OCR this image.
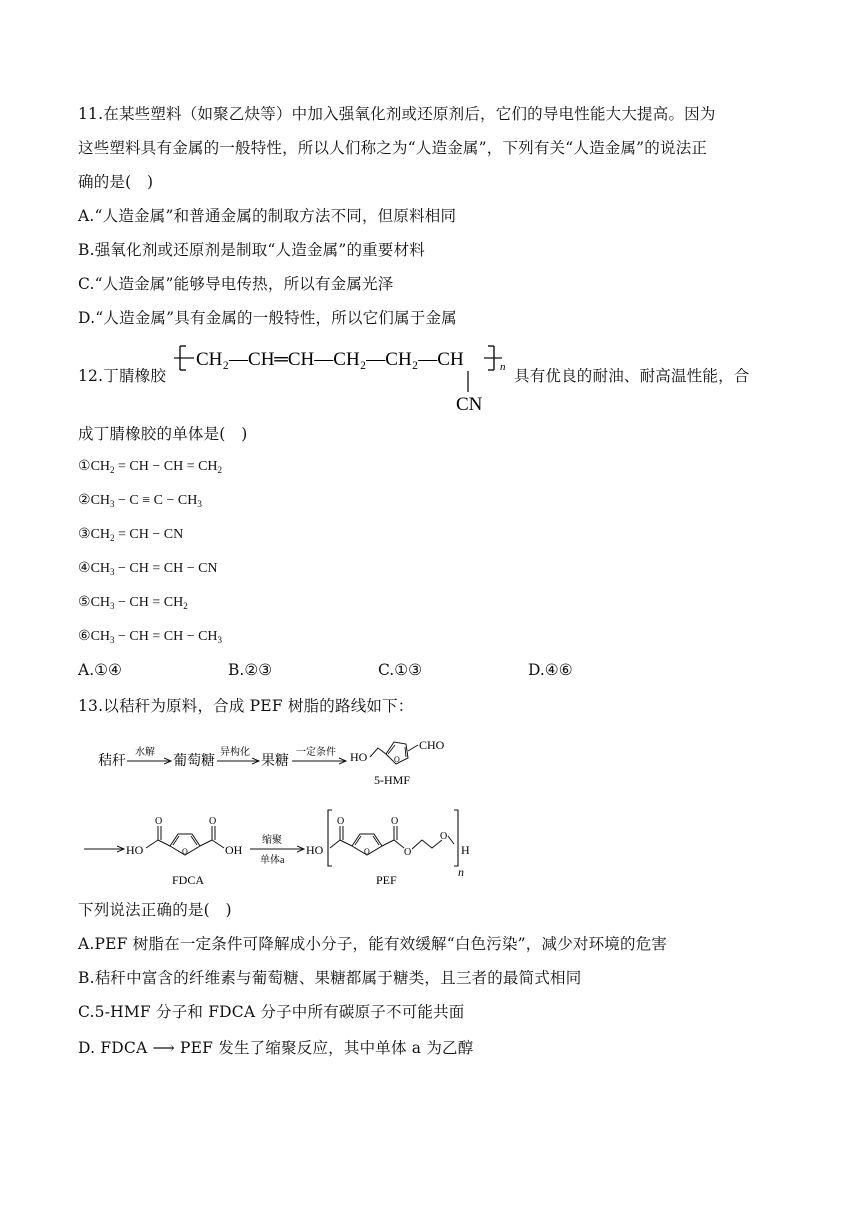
11.在某些塑料（如聚乙炔等）中加入强氧化剂或还原剂后，它们的导电性能大大提高。因为
这些塑料具有金属的一般特性，所以人们称之为“人造金属”，下列有关“人造金属”的说法正
确的是(　)
A.“人造金属”和普通金属的制取方法不同，但原料相同
B.强氧化剂或还原剂是制取“人造金属”的重要材料
C.“人造金属”能够导电传热，所以有金属光泽
D.“人造金属”具有金属的一般特性，所以它们属于金属
12.丁腈橡胶
CH₂—CH═CH—CH₂—CH₂—CH	n
CN
具有优良的耐油、耐高温性能，合
成丁腈橡胶的单体是(　)
$①CH_2$ = CH − CH = $CH_2$
$②CH_3 - C \equiv C - CH_3$
$③CH_2$ = CH − CN
$④CH_3$ − CH = CH − CN
$⑤CH_3$ − CH = $CH_2$
$⑥CH_3$ − CH = CH − $CH_3$
A.①④	B.②③	C.①③	D.④⑥
13.以秸秆为原料，合成 PEF 树脂的路线如下：
秸秆
水解
葡萄糖
异构化
果糖
一定条件 HO	O
CHO
5-HMF
HO
O
O
O
OH
FDCA
缩聚
单体a
HO
O
O
O
O
O
H
n
PEF
下列说法正确的是(　)
A.PEF 树脂在一定条件可降解成小分子，能有效缓解“白色污染”，减少对环境的危害
B.秸秆中富含的纤维素与葡萄糖、果糖都属于糖类，且三者的最简式相同
C.5-HMF 分子和 FDCA 分子中所有碳原子不可能共面
D. FDCA ⟶ PEF 发生了缩聚反应，其中单体 a 为乙醇
